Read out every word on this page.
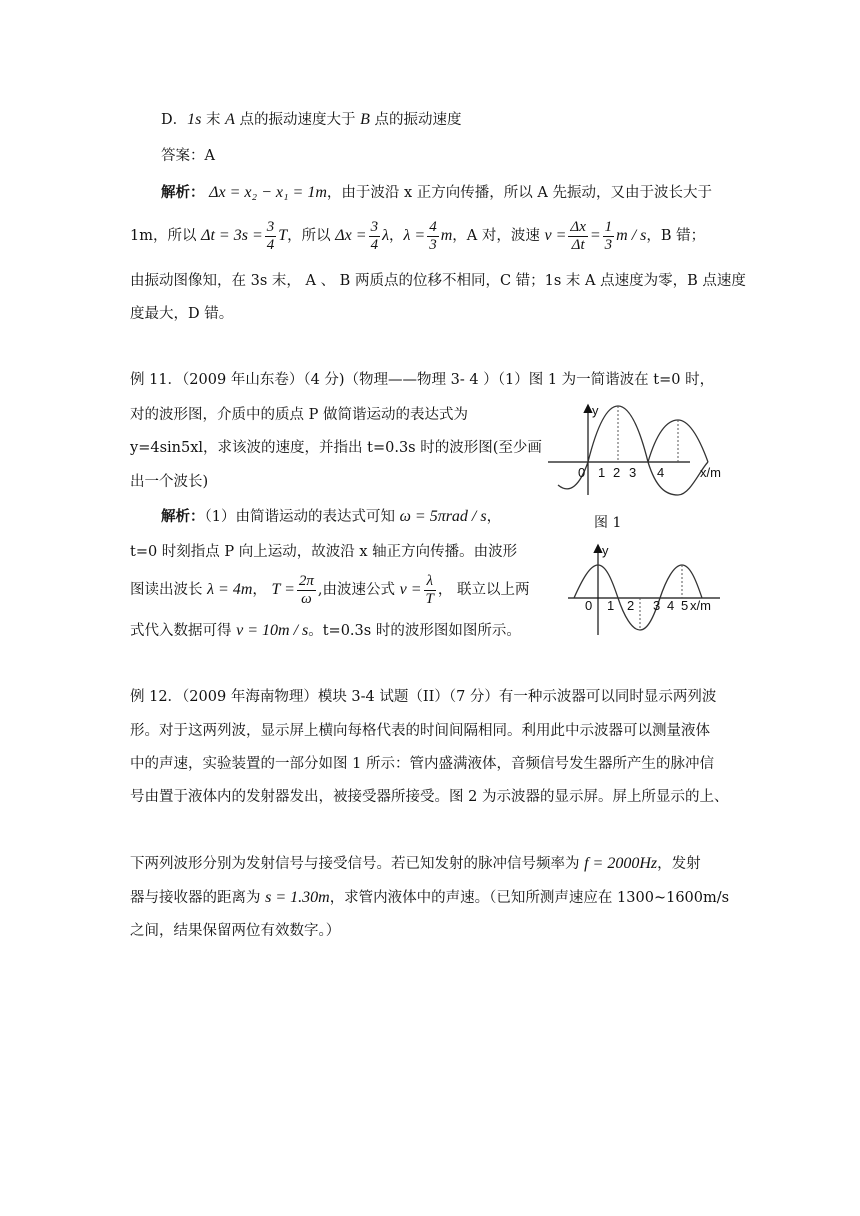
D．1s 末 A 点的振动速度大于 B 点的振动速度
答案：A
解析： Δx = x₂ − x₁ = 1m，由于波沿 x 正方向传播，所以 A 先振动，又由于波长大于
1m，所以 $\Delta t = 3s = \frac{3}{4}$ T，所以 $\Delta x = \frac{3}{4}$ λ，$\lambda = \frac{4}{3}$ m，A 对，波速 $v = \frac{\Delta x}{\Delta t} = \frac{1}{3}$ m / s，B 错；
由振动图像知，在 3s 末， A 、 B 两质点的位移不相同，C 错；1s 末 A 点速度为零，B 点速度
度最大，D 错。
例 11．（2009 年山东卷）（4 分)（物理——物理 3- 4 ）（1）图 1 为一简谐波在 t=0 时，
对的波形图，介质中的质点 P 做简谐运动的表达式为
y=4sin5xl，求该波的速度，并指出 t=0.3s 时的波形图(至少画
出一个波长)
解析：（1）由简谐运动的表达式可知 ω = 5πrad / s，
t=0 时刻指点 P 向上运动，故波沿 x 轴正方向传播。由波形
图读出波长 λ = 4m， $T = \frac{2\pi}{\omega}$ ,由波速公式 $v = \frac{\lambda}{T}$ ， 联立以上两
式代入数据可得 v = 10m / s。t=0.3s 时的波形图如图所示。
y
0 1 2 3 4	x/m
图 1
y
0 1 2 3 4 5 x/m
例 12．（2009 年海南物理）模块 3-4 试题（II）（7 分）有一种示波器可以同时显示两列波
形。对于这两列波，显示屏上横向每格代表的时间间隔相同。利用此中示波器可以测量液体
中的声速，实验装置的一部分如图 1 所示：管内盛满液体，音频信号发生器所产生的脉冲信
号由置于液体内的发射器发出，被接受器所接受。图 2 为示波器的显示屏。屏上所显示的上、
下两列波形分别为发射信号与接受信号。若已知发射的脉冲信号频率为 f = 2000Hz，发射
器与接收器的距离为 s = 1.30m，求管内液体中的声速。（已知所测声速应在 1300~1600m/s
之间，结果保留两位有效数字。）
